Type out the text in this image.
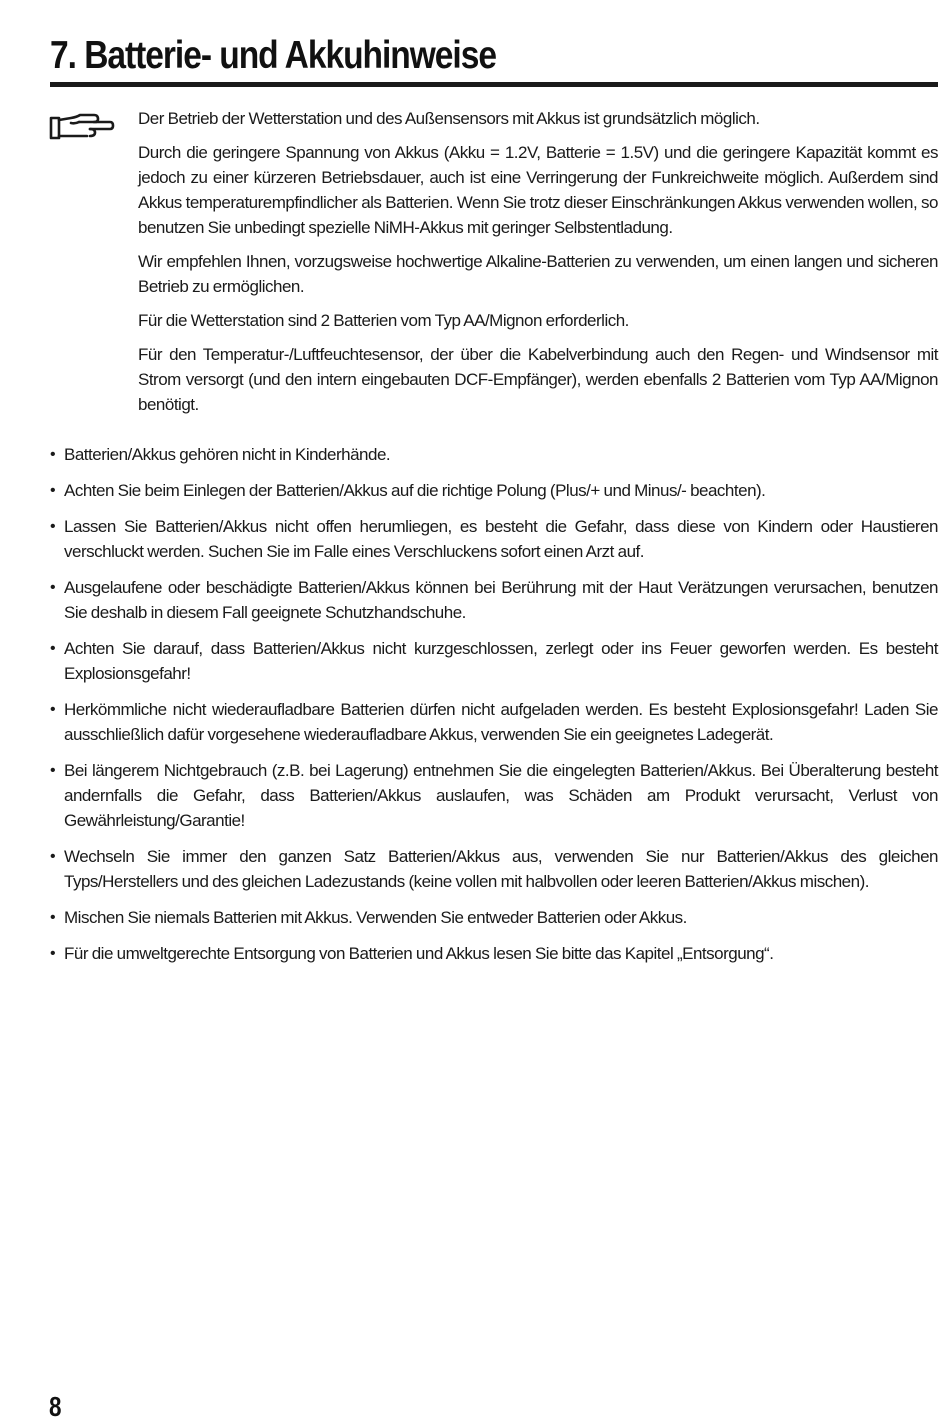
7. Batterie- und Akkuhinweise

Der Betrieb der Wetterstation und des Außensensors mit Akkus ist grundsätzlich möglich.

Durch die geringere Spannung von Akkus (Akku = 1.2V, Batterie = 1.5V) und die geringere Kapazität kommt es jedoch zu einer kürzeren Betriebsdauer, auch ist eine Verringerung der Funkreichweite möglich. Außerdem sind Akkus temperaturempfindlicher als Batterien. Wenn Sie trotz dieser Einschränkungen Akkus verwenden wollen, so benutzen Sie unbedingt spezielle NiMH-Akkus mit geringer Selbstentladung.

Wir empfehlen Ihnen, vorzugsweise hochwertige Alkaline-Batterien zu verwenden, um einen langen und sicheren Betrieb zu ermöglichen.

Für die Wetterstation sind 2 Batterien vom Typ AA/Mignon erforderlich.

Für den Temperatur-/Luftfeuchtesensor, der über die Kabelverbindung auch den Regen- und Windsensor mit Strom versorgt (und den intern eingebauten DCF-Empfänger), werden ebenfalls 2 Batterien vom Typ AA/Mignon benötigt.

• Batterien/Akkus gehören nicht in Kinderhände.
• Achten Sie beim Einlegen der Batterien/Akkus auf die richtige Polung (Plus/+ und Minus/- beachten).
• Lassen Sie Batterien/Akkus nicht offen herumliegen, es besteht die Gefahr, dass diese von Kindern oder Haustieren verschluckt werden. Suchen Sie im Falle eines Verschluckens sofort einen Arzt auf.
• Ausgelaufene oder beschädigte Batterien/Akkus können bei Berührung mit der Haut Verätzungen verursachen, benutzen Sie deshalb in diesem Fall geeignete Schutzhandschuhe.
• Achten Sie darauf, dass Batterien/Akkus nicht kurzgeschlossen, zerlegt oder ins Feuer geworfen werden. Es besteht Explosionsgefahr!
• Herkömmliche nicht wiederaufladbare Batterien dürfen nicht aufgeladen werden. Es besteht Explosionsgefahr! Laden Sie ausschließlich dafür vorgesehene wiederaufladbare Akkus, verwenden Sie ein geeignetes Ladegerät.
• Bei längerem Nichtgebrauch (z.B. bei Lagerung) entnehmen Sie die eingelegten Batterien/Akkus. Bei Überalterung besteht andernfalls die Gefahr, dass Batterien/Akkus auslaufen, was Schäden am Produkt verursacht, Verlust von Gewährleistung/Garantie!
• Wechseln Sie immer den ganzen Satz Batterien/Akkus aus, verwenden Sie nur Batterien/Akkus des gleichen Typs/Herstellers und des gleichen Ladezustands (keine vollen mit halbvollen oder leeren Batterien/Akkus mischen).
• Mischen Sie niemals Batterien mit Akkus. Verwenden Sie entweder Batterien oder Akkus.
• Für die umweltgerechte Entsorgung von Batterien und Akkus lesen Sie bitte das Kapitel „Entsorgung“.
8
